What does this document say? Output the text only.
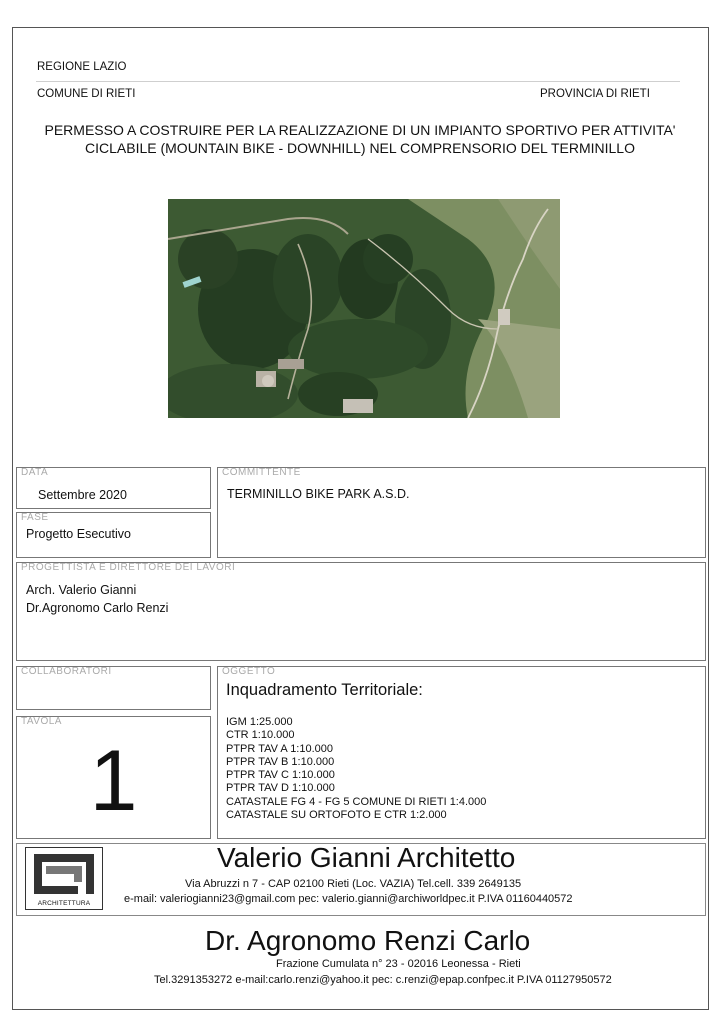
REGIONE LAZIO
COMUNE DI RIETI	PROVINCIA DI RIETI
PERMESSO A COSTRUIRE PER LA REALIZZAZIONE DI UN IMPIANTO SPORTIVO PER ATTIVITA'
CICLABILE (MOUNTAIN BIKE - DOWNHILL) NEL COMPRENSORIO DEL TERMINILLO
DATA
Settembre 2020
FASE
Progetto Esecutivo
COMMITTENTE
TERMINILLO BIKE PARK A.S.D.
PROGETTISTA E DIRETTORE DEI LAVORI
Arch. Valerio Gianni
Dr.Agronomo Carlo Renzi
COLLABORATORI
TAVOLA
1
OGGETTO
Inquadramento Territoriale:
IGM 1:25.000
CTR 1:10.000
PTPR TAV A 1:10.000
PTPR TAV B 1:10.000
PTPR TAV C 1:10.000
PTPR TAV D 1:10.000
CATASTALE FG 4 - FG 5 COMUNE DI RIETI 1:4.000
CATASTALE SU ORTOFOTO E CTR 1:2.000
ARCHITETTURA
Valerio Gianni Architetto
Via Abruzzi n 7 - CAP 02100 Rieti (Loc. VAZIA) Tel.cell. 339 2649135
e-mail: valeriogianni23@gmail.com pec: valerio.gianni@archiworldpec.it P.IVA 01160440572
Dr. Agronomo Renzi Carlo
Frazione Cumulata n° 23 - 02016 Leonessa - Rieti
Tel.3291353272 e-mail:carlo.renzi@yahoo.it pec: c.renzi@epap.confpec.it P.IVA 01127950572
